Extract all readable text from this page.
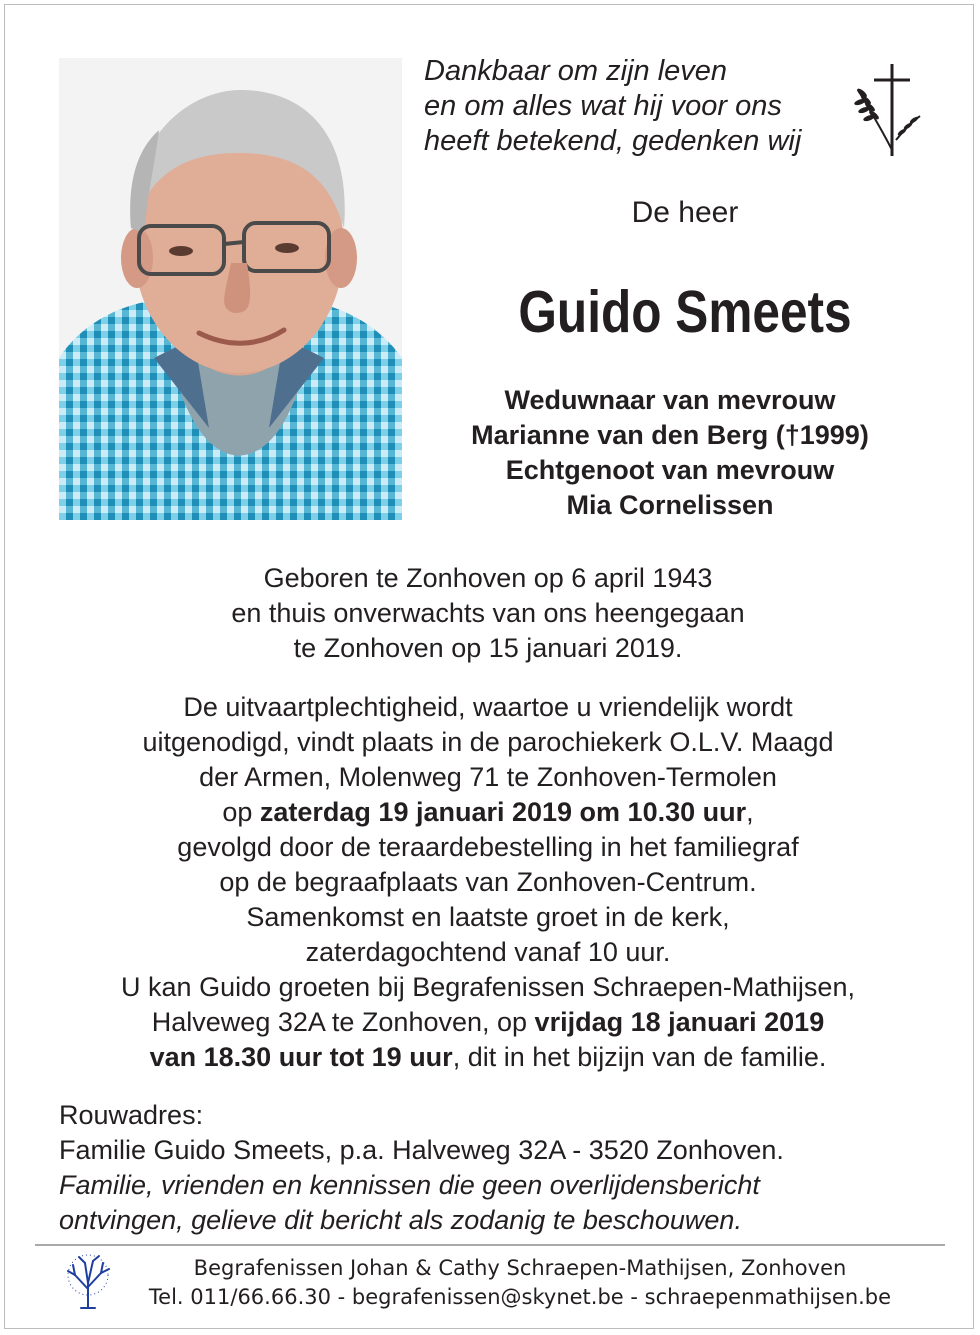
Dankbaar om zijn leven
en om alles wat hij voor ons
heeft betekend, gedenken wij
De heer
Guido Smeets
Weduwnaar van mevrouw
Marianne van den Berg (†1999)
Echtgenoot van mevrouw
Mia Cornelissen
Geboren te Zonhoven op 6 april 1943
en thuis onverwachts van ons heengegaan
te Zonhoven op 15 januari 2019.
De uitvaartplechtigheid, waartoe u vriendelijk wordt
uitgenodigd, vindt plaats in de parochiekerk O.L.V. Maagd
der Armen, Molenweg 71 te Zonhoven-Termolen
op zaterdag 19 januari 2019 om 10.30 uur,
gevolgd door de teraardebestelling in het familiegraf
op de begraafplaats van Zonhoven-Centrum.
Samenkomst en laatste groet in de kerk,
zaterdagochtend vanaf 10 uur.
U kan Guido groeten bij Begrafenissen Schraepen-Mathijsen,
Halveweg 32A te Zonhoven, op vrijdag 18 januari 2019
van 18.30 uur tot 19 uur, dit in het bijzijn van de familie.
Rouwadres:
Familie Guido Smeets, p.a. Halveweg 32A - 3520 Zonhoven.
Familie, vrienden en kennissen die geen overlijdensbericht
ontvingen, gelieve dit bericht als zodanig te beschouwen.
Begrafenissen Johan & Cathy Schraepen-Mathijsen, Zonhoven
Tel. 011/66.66.30 - begrafenissen@skynet.be - schraepenmathijsen.be
